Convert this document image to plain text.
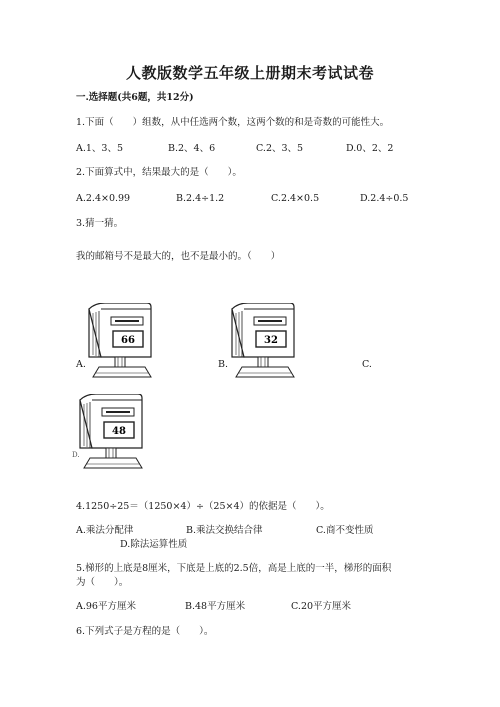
人教版数学五年级上册期末考试试卷
一.选择题(共6题，共12分)
1.下面（　　）组数，从中任选两个数，这两个数的和是奇数的可能性大。
A.1、3、5	B.2、4、6	C.2、3、5	D.0、2、2
2.下面算式中，结果最大的是（　　）。
A.2.4×0.99	B.2.4÷1.2	C.2.4×0.5	D.2.4÷0.5
3.猜一猜。
我的邮箱号不是最大的，也不是最小的。（　　）
66
A.
32
B.	C.
48
D.
4.1250÷25＝（1250×4）÷（25×4）的依据是（　　）。
A.乘法分配律	B.乘法交换结合律	C.商不变性质
D.除法运算性质
5.梯形的上底是8厘米，下底是上底的2.5倍，高是上底的一半，梯形的面积
为（　　）。
A.96平方厘米	B.48平方厘米	C.20平方厘米
6.下列式子是方程的是（　　）。
